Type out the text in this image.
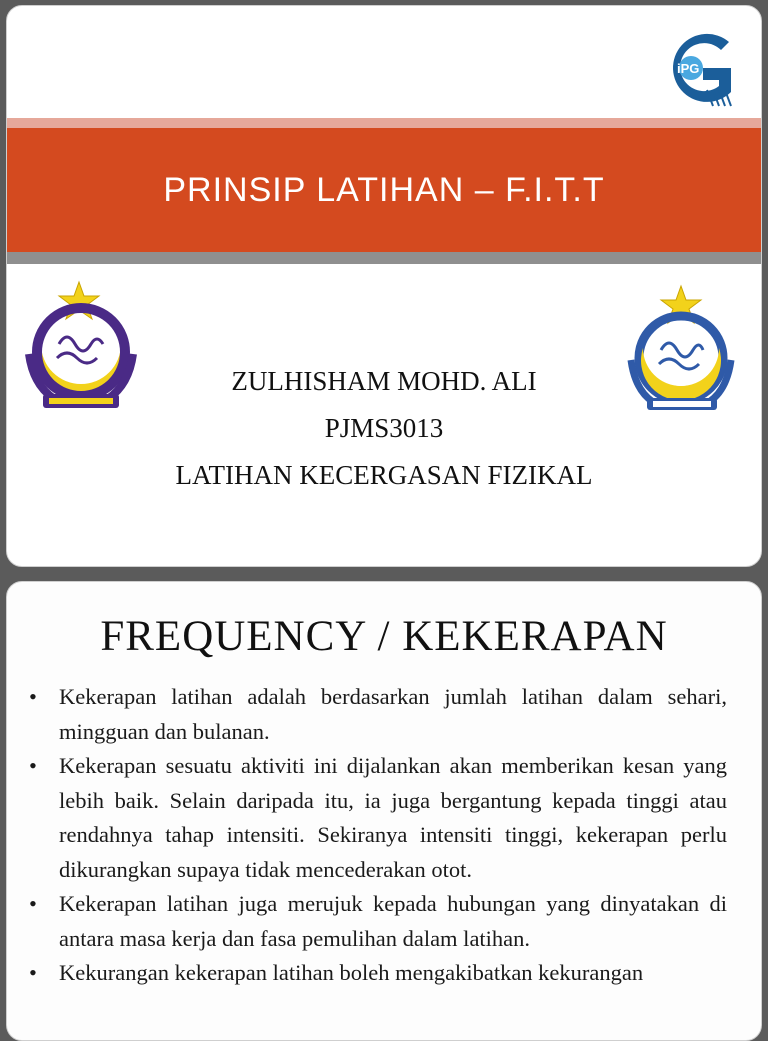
iPG
PRINSIP LATIHAN – F.I.T.T
ZULHISHAM MOHD. ALI
PJMS3013
LATIHAN KECERGASAN FIZIKAL
FREQUENCY / KEKERAPAN
• Kekerapan latihan adalah berdasarkan jumlah latihan dalam sehari, mingguan dan bulanan.
• Kekerapan sesuatu aktiviti ini dijalankan akan memberikan kesan yang lebih baik. Selain daripada itu, ia juga bergantung kepada tinggi atau rendahnya tahap intensiti. Sekiranya intensiti tinggi, kekerapan perlu dikurangkan supaya tidak mencederakan otot.
• Kekerapan latihan juga merujuk kepada hubungan yang dinyatakan di antara masa kerja dan fasa pemulihan dalam latihan.
• Kekurangan kekerapan latihan boleh mengakibatkan kekurangan
